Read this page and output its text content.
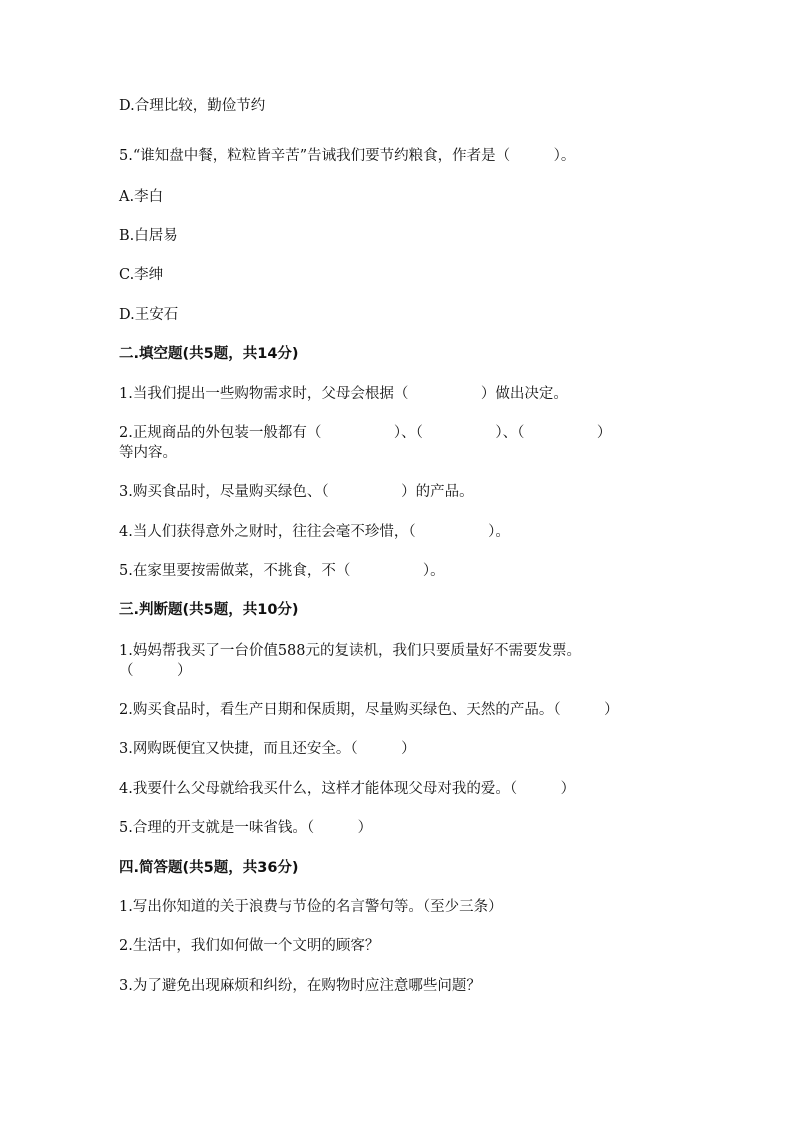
D.合理比较，勤俭节约
5.“谁知盘中餐，粒粒皆辛苦”告诫我们要节约粮食，作者是（　　　）。
A.李白
B.白居易
C.李绅
D.王安石
二.填空题(共5题，共14分)
1.当我们提出一些购物需求时，父母会根据（　　　　　）做出决定。
2.正规商品的外包装一般都有（　　　　　）、（　　　　　）、（　　　　　）
等内容。
3.购买食品时，尽量购买绿色、（　　　　　）的产品。
4.当人们获得意外之财时，往往会毫不珍惜，（　　　　　）。
5.在家里要按需做菜，不挑食，不（　　　　　）。
三.判断题(共5题，共10分)
1.妈妈帮我买了一台价值588元的复读机，我们只要质量好不需要发票。
（　　　）
2.购买食品时，看生产日期和保质期，尽量购买绿色、天然的产品。（　　　）
3.网购既便宜又快捷，而且还安全。（　　　）
4.我要什么父母就给我买什么，这样才能体现父母对我的爱。（　　　）
5.合理的开支就是一味省钱。（　　　）
四.简答题(共5题，共36分)
1.写出你知道的关于浪费与节俭的名言警句等。（至少三条）
2.生活中，我们如何做一个文明的顾客？
3.为了避免出现麻烦和纠纷，在购物时应注意哪些问题？
